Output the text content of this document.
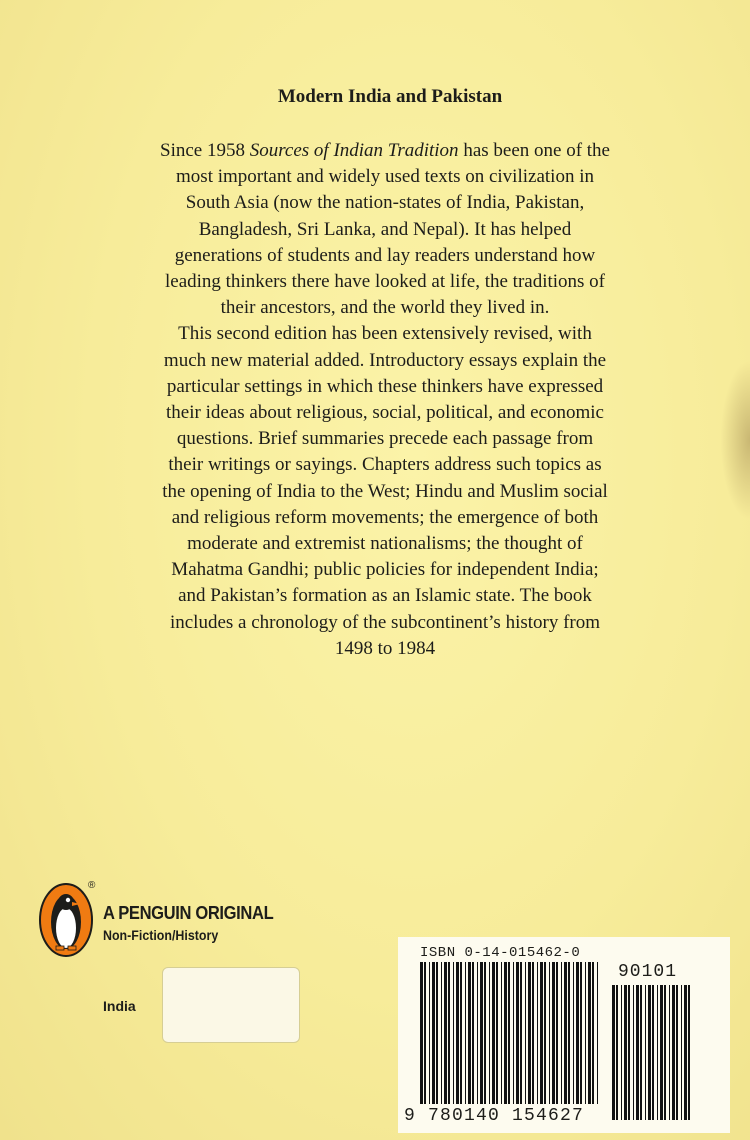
Modern India and Pakistan

Since 1958 Sources of Indian Tradition has been one of the

most important and widely used texts on civilization in

South Asia (now the nation-states of India, Pakistan,

Bangladesh, Sri Lanka, and Nepal). It has helped

generations of students and lay readers understand how

leading thinkers there have looked at life, the traditions of

their ancestors, and the world they lived in.

This second edition has been extensively revised, with

much new material added. Introductory essays explain the

particular settings in which these thinkers have expressed

their ideas about religious, social, political, and economic

questions. Brief summaries precede each passage from

their writings or sayings. Chapters address such topics as

the opening of India to the West; Hindu and Muslim social

and religious reform movements; the emergence of both

moderate and extremist nationalisms; the thought of

Mahatma Gandhi; public policies for independent India;

and Pakistan’s formation as an Islamic state. The book

includes a chronology of the subcontinent’s history from

1498 to 1984

®
A PENGUIN ORIGINAL
Non-Fiction/History
India
ISBN 0-14-015462-0
90101
9 780140 154627
